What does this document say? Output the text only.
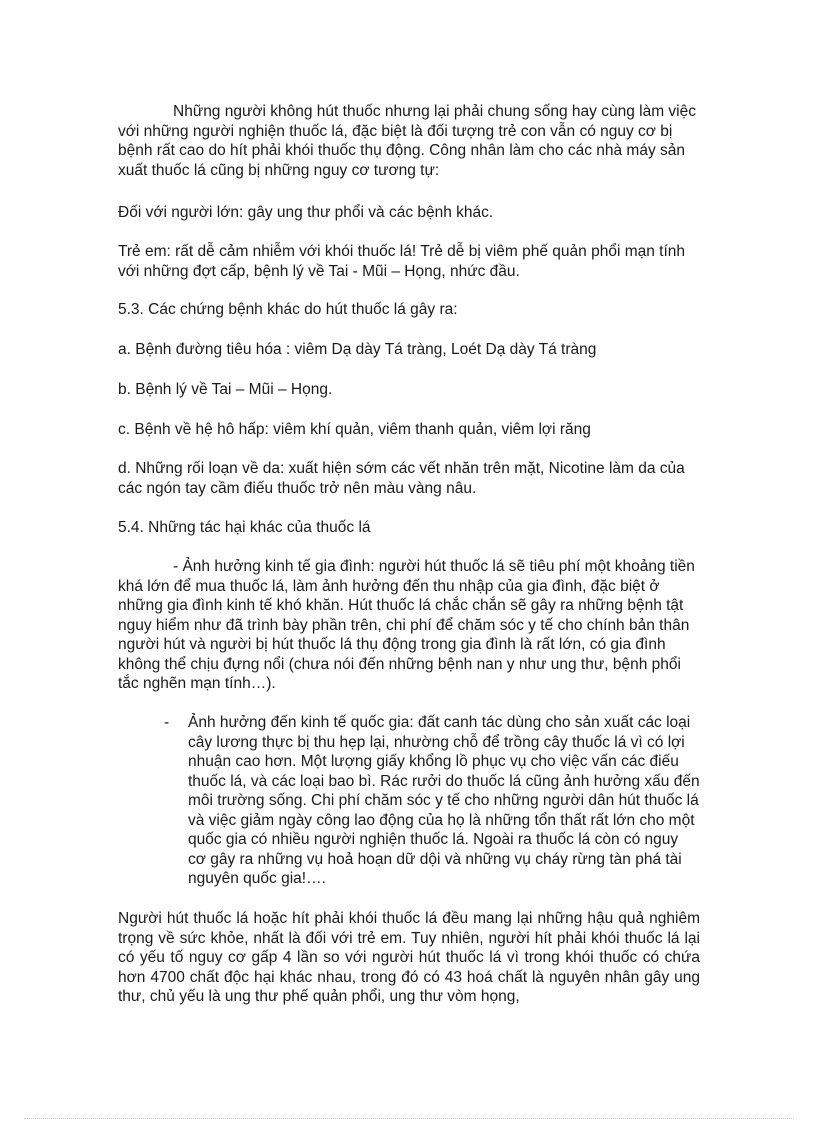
Những người không hút thuốc nhưng lại phải chung sống hay cùng làm việc với những người nghiện thuốc lá, đặc biệt là đối tượng trẻ con vẫn có nguy cơ bị bệnh rất cao do hít phải khói thuốc thụ động. Công nhân làm cho các nhà máy sản xuất thuốc lá cũng bị những nguy cơ tương tự:

Đối với người lớn: gây ung thư phổi và các bệnh khác.

Trẻ em: rất dễ cảm nhiễm với khói thuốc lá! Trẻ dễ bị viêm phế quản phổi mạn tính với những đợt cấp, bệnh lý về Tai - Mũi – Họng, nhức đầu.

5.3. Các chứng bệnh khác do hút thuốc lá gây ra:

a. Bệnh đường tiêu hóa : viêm Dạ dày Tá tràng, Loét Dạ dày Tá tràng

b. Bệnh lý về Tai – Mũi – Họng.

c. Bệnh về hệ hô hấp: viêm khí quản, viêm thanh quản, viêm lợi răng

d. Những rối loạn về da: xuất hiện sớm các vết nhăn trên mặt, Nicotine làm da của các ngón tay cầm điếu thuốc trở nên màu vàng nâu.

5.4. Những tác hại khác của thuốc lá

- Ảnh hưởng kinh tế gia đình: người hút thuốc lá sẽ tiêu phí một khoảng tiền khá lớn để mua thuốc lá, làm ảnh hưởng đến thu nhập của gia đình, đặc biệt ở những gia đình kinh tế khó khăn. Hút thuốc lá chắc chắn sẽ gây ra những bệnh tật nguy hiểm như đã trình bày phần trên, chi phí để chăm sóc y tế cho chính bản thân người hút và người bị hút thuốc lá thụ động trong gia đình là rất lớn, có gia đình không thể chịu đựng nổi (chưa nói đến những bệnh nan y như ung thư, bệnh phổi tắc nghẽn mạn tính…).

- Ảnh hưởng đến kinh tế quốc gia: đất canh tác dùng cho sản xuất các loại cây lương thực bị thu hẹp lại, nhường chỗ để trồng cây thuốc lá vì có lợi nhuận cao hơn. Một lượng giấy khổng lồ phục vụ cho việc vấn các điếu thuốc lá, và các loại bao bì. Rác rưởi do thuốc lá cũng ảnh hưởng xấu đến môi trường sống. Chi phí chăm sóc y tế cho những người dân hút thuốc lá và việc giảm ngày công lao động của họ là những tổn thất rất lớn cho một quốc gia có nhiều người nghiện thuốc lá. Ngoài ra thuốc lá còn có nguy cơ gây ra những vụ hoả hoạn dữ dội và những vụ cháy rừng tàn phá tài nguyên quốc gia!….

Người hút thuốc lá hoặc hít phải khói thuốc lá đều mang lại những hậu quả nghiêm trọng về sức khỏe, nhất là đối với trẻ em. Tuy nhiên, người hít phải khói thuốc lá lại có yếu tố nguy cơ gấp 4 lần so với người hút thuốc lá vì trong khói thuốc có chứa hơn 4700 chất độc hại khác nhau, trong đó có 43 hoá chất là nguyên nhân gây ung thư, chủ yếu là ung thư phế quản phổi, ung thư vòm họng,
